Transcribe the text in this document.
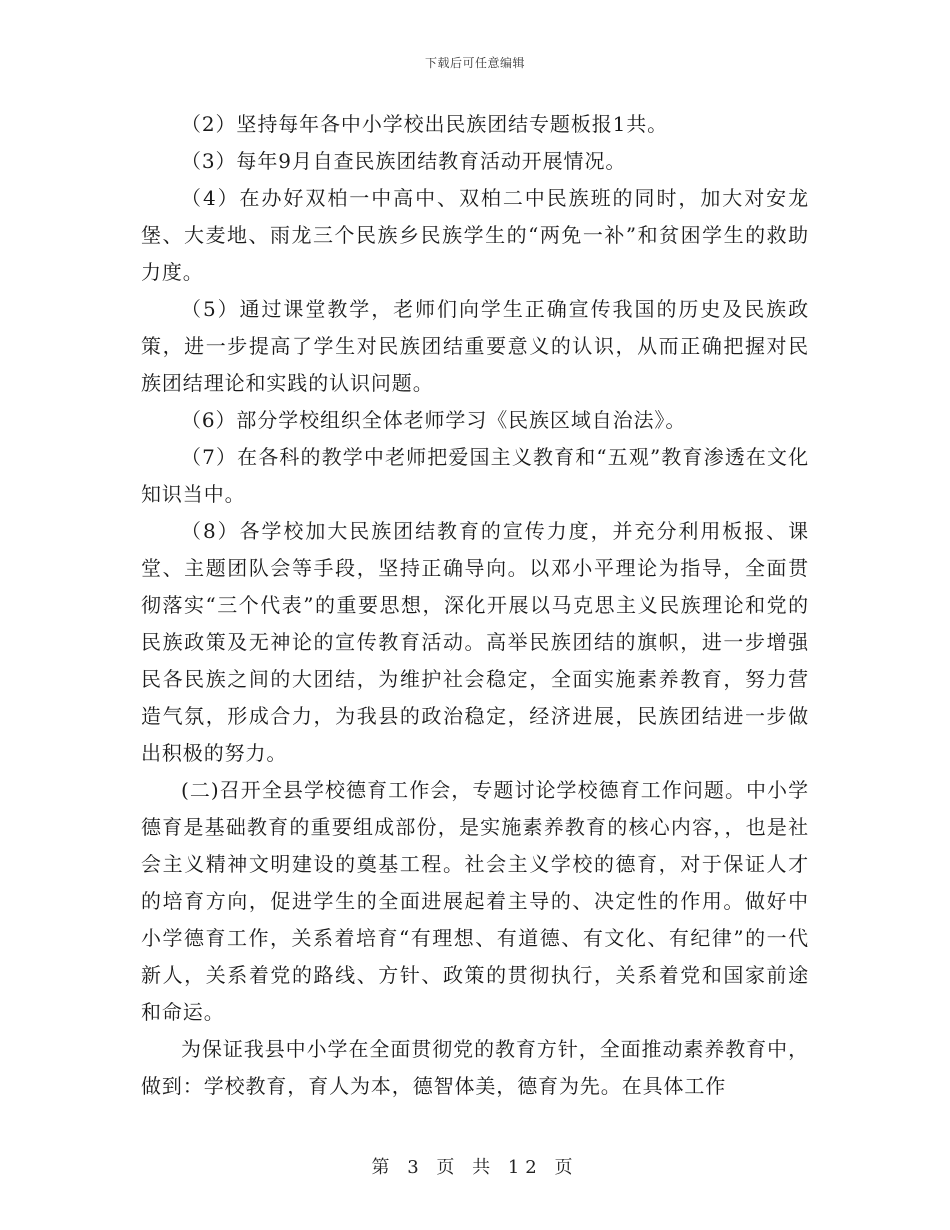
下载后可任意编辑

（2）坚持每年各中小学校出民族团结专题板报1共。

（3）每年9月自查民族团结教育活动开展情况。

（4）在办好双柏一中高中、双柏二中民族班的同时，加大对安龙堡、大麦地、雨龙三个民族乡民族学生的“两免一补”和贫困学生的救助力度。

（5）通过课堂教学，老师们向学生正确宣传我国的历史及民族政策，进一步提高了学生对民族团结重要意义的认识，从而正确把握对民族团结理论和实践的认识问题。

（6）部分学校组织全体老师学习《民族区域自治法》。

（7）在各科的教学中老师把爱国主义教育和“五观”教育渗透在文化知识当中。

（8）各学校加大民族团结教育的宣传力度，并充分利用板报、课堂、主题团队会等手段，坚持正确导向。以邓小平理论为指导，全面贯彻落实“三个代表”的重要思想，深化开展以马克思主义民族理论和党的民族政策及无神论的宣传教育活动。高举民族团结的旗帜，进一步增强民各民族之间的大团结，为维护社会稳定，全面实施素养教育，努力营造气氛，形成合力，为我县的政治稳定，经济进展，民族团结进一步做出积极的努力。

(二)召开全县学校德育工作会，专题讨论学校德育工作问题。中小学德育是基础教育的重要组成部份，是实施素养教育的核心内容，，也是社会主义精神文明建设的奠基工程。社会主义学校的德育，对于保证人才的培育方向，促进学生的全面进展起着主导的、决定性的作用。做好中小学德育工作，关系着培育“有理想、有道德、有文化、有纪律”的一代新人，关系着党的路线、方针、政策的贯彻执行，关系着党和国家前途和命运。

为保证我县中小学在全面贯彻党的教育方针，全面推动素养教育中，做到：学校教育，育人为本，德智体美，德育为先。在具体工作

第 3 页 共 12 页
